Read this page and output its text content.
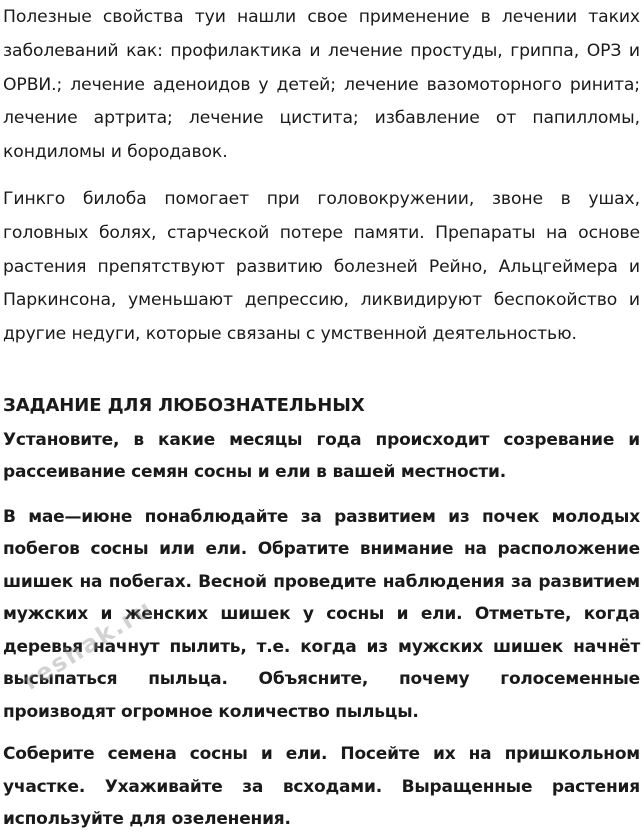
Полезные свойства туи нашли свое применение в лечении таких заболеваний как: профилактика и лечение простуды, гриппа, ОРЗ и ОРВИ.; лечение аденоидов у детей; лечение вазомоторного ринита; лечение артрита; лечение цистита; избавление от папилломы, кондиломы и бородавок.

Гинкго билоба помогает при головокружении, звоне в ушах, головных болях, старческой потере памяти. Препараты на основе растения препятствуют развитию болезней Рейно, Альцгеймера и Паркинсона, уменьшают депрессию, ликвидируют беспокойство и другие недуги, которые связаны с умственной деятельностью.

ЗАДАНИЕ ДЛЯ ЛЮБОЗНАТЕЛЬНЫХ

Установите, в какие месяцы года происходит созревание и рассеивание семян сосны и ели в вашей местности.

В мае—июне понаблюдайте за развитием из почек молодых побегов сосны или ели. Обратите внимание на расположение шишек на побегах. Весной проведите наблюдения за развитием мужских и женских шишек у сосны и ели. Отметьте, когда деревья начнут пылить, т.е. когда из мужских шишек начнёт высыпаться пыльца. Объясните, почему голосеменные производят огромное количество пыльцы.

Соберите семена сосны и ели. Посейте их на пришкольном участке. Ухаживайте за всходами. Выращенные растения используйте для озеленения.

reshak.ru
